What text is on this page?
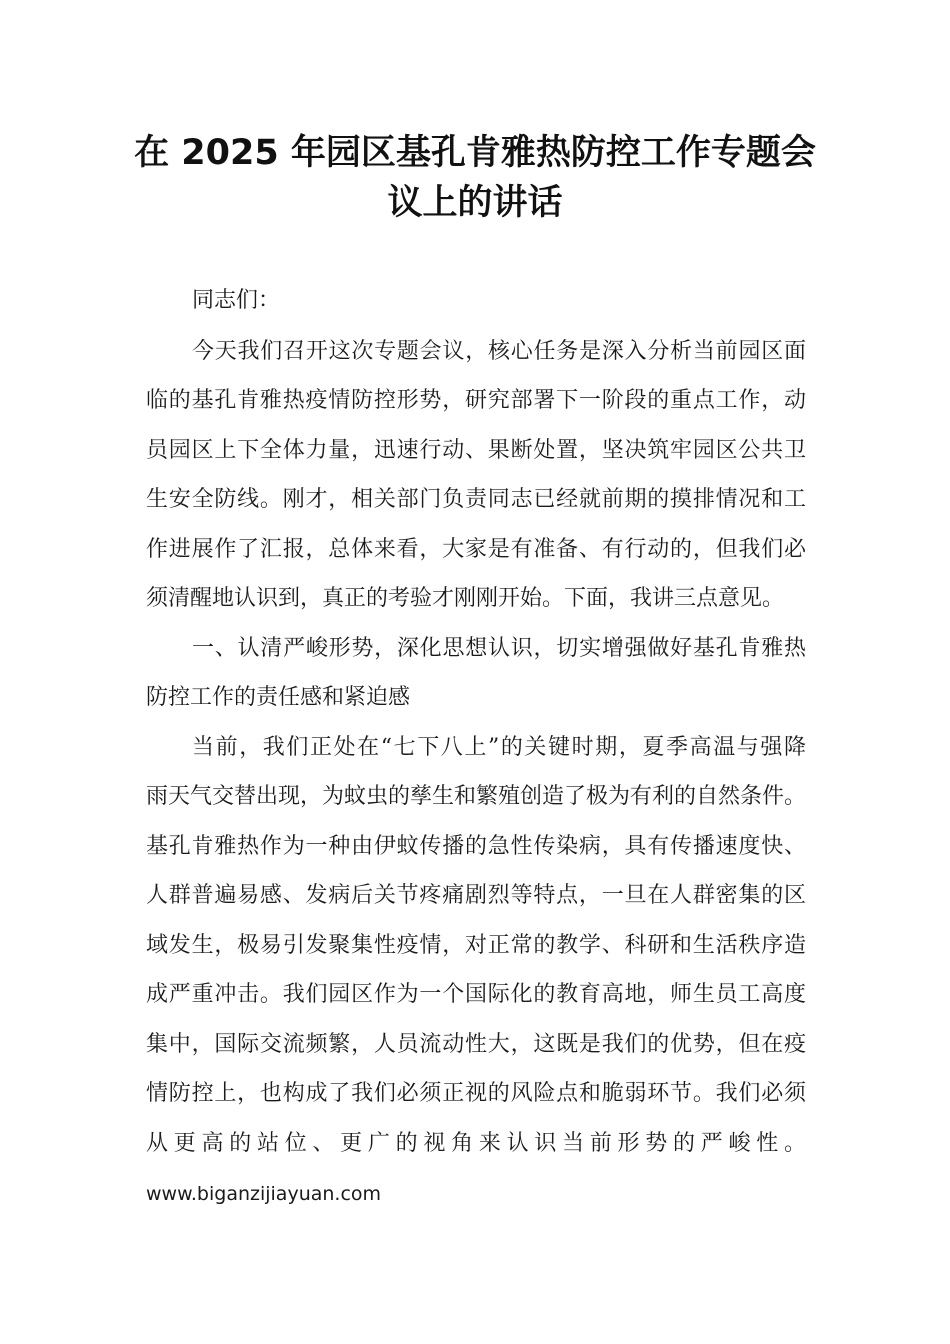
在 2025 年园区基孔肯雅热防控工作专题会
议上的讲话

同志们：

今天我们召开这次专题会议，核心任务是深入分析当前园区面

临的基孔肯雅热疫情防控形势，研究部署下一阶段的重点工作，动

员园区上下全体力量，迅速行动、果断处置，坚决筑牢园区公共卫

生安全防线。刚才，相关部门负责同志已经就前期的摸排情况和工

作进展作了汇报，总体来看，大家是有准备、有行动的，但我们必

须清醒地认识到，真正的考验才刚刚开始。下面，我讲三点意见。

一、认清严峻形势，深化思想认识，切实增强做好基孔肯雅热

防控工作的责任感和紧迫感

当前，我们正处在“七下八上”的关键时期，夏季高温与强降

雨天气交替出现，为蚊虫的孳生和繁殖创造了极为有利的自然条件。

基孔肯雅热作为一种由伊蚊传播的急性传染病，具有传播速度快、

人群普遍易感、发病后关节疼痛剧烈等特点，一旦在人群密集的区

域发生，极易引发聚集性疫情，对正常的教学、科研和生活秩序造

成严重冲击。我们园区作为一个国际化的教育高地，师生员工高度

集中，国际交流频繁，人员流动性大，这既是我们的优势，但在疫

情防控上，也构成了我们必须正视的风险点和脆弱环节。我们必须

从更高的站位、更广的视角来认识当前形势的严峻性。

www.biganzijiayuan.com
